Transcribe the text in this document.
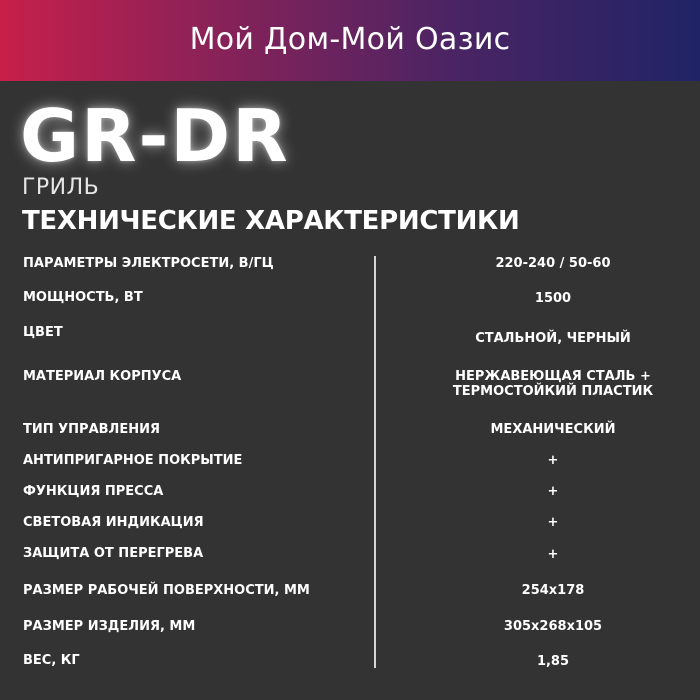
Мой Дом-Мой Оазис
GR-DR
ГРИЛЬ
ТЕХНИЧЕСКИЕ ХАРАКТЕРИСТИКИ
ПАРАМЕТРЫ ЭЛЕКТРОСЕТИ, В/ГЦ	220-240 / 50-60
МОЩНОСТЬ, ВТ	1500
ЦВЕТ	СТАЛЬНОЙ, ЧЕРНЫЙ
МАТЕРИАЛ КОРПУСА	НЕРЖАВЕЮЩАЯ СТАЛЬ +
ТЕРМОСТОЙКИЙ ПЛАСТИК
ТИП УПРАВЛЕНИЯ	МЕХАНИЧЕСКИЙ
АНТИПРИГАРНОЕ ПОКРЫТИЕ	+
ФУНКЦИЯ ПРЕССА	+
СВЕТОВАЯ ИНДИКАЦИЯ	+
ЗАЩИТА ОТ ПЕРЕГРЕВА	+
РАЗМЕР РАБОЧЕЙ ПОВЕРХНОСТИ, ММ	254х178
РАЗМЕР ИЗДЕЛИЯ, ММ	305х268х105
ВЕС, КГ	1,85
